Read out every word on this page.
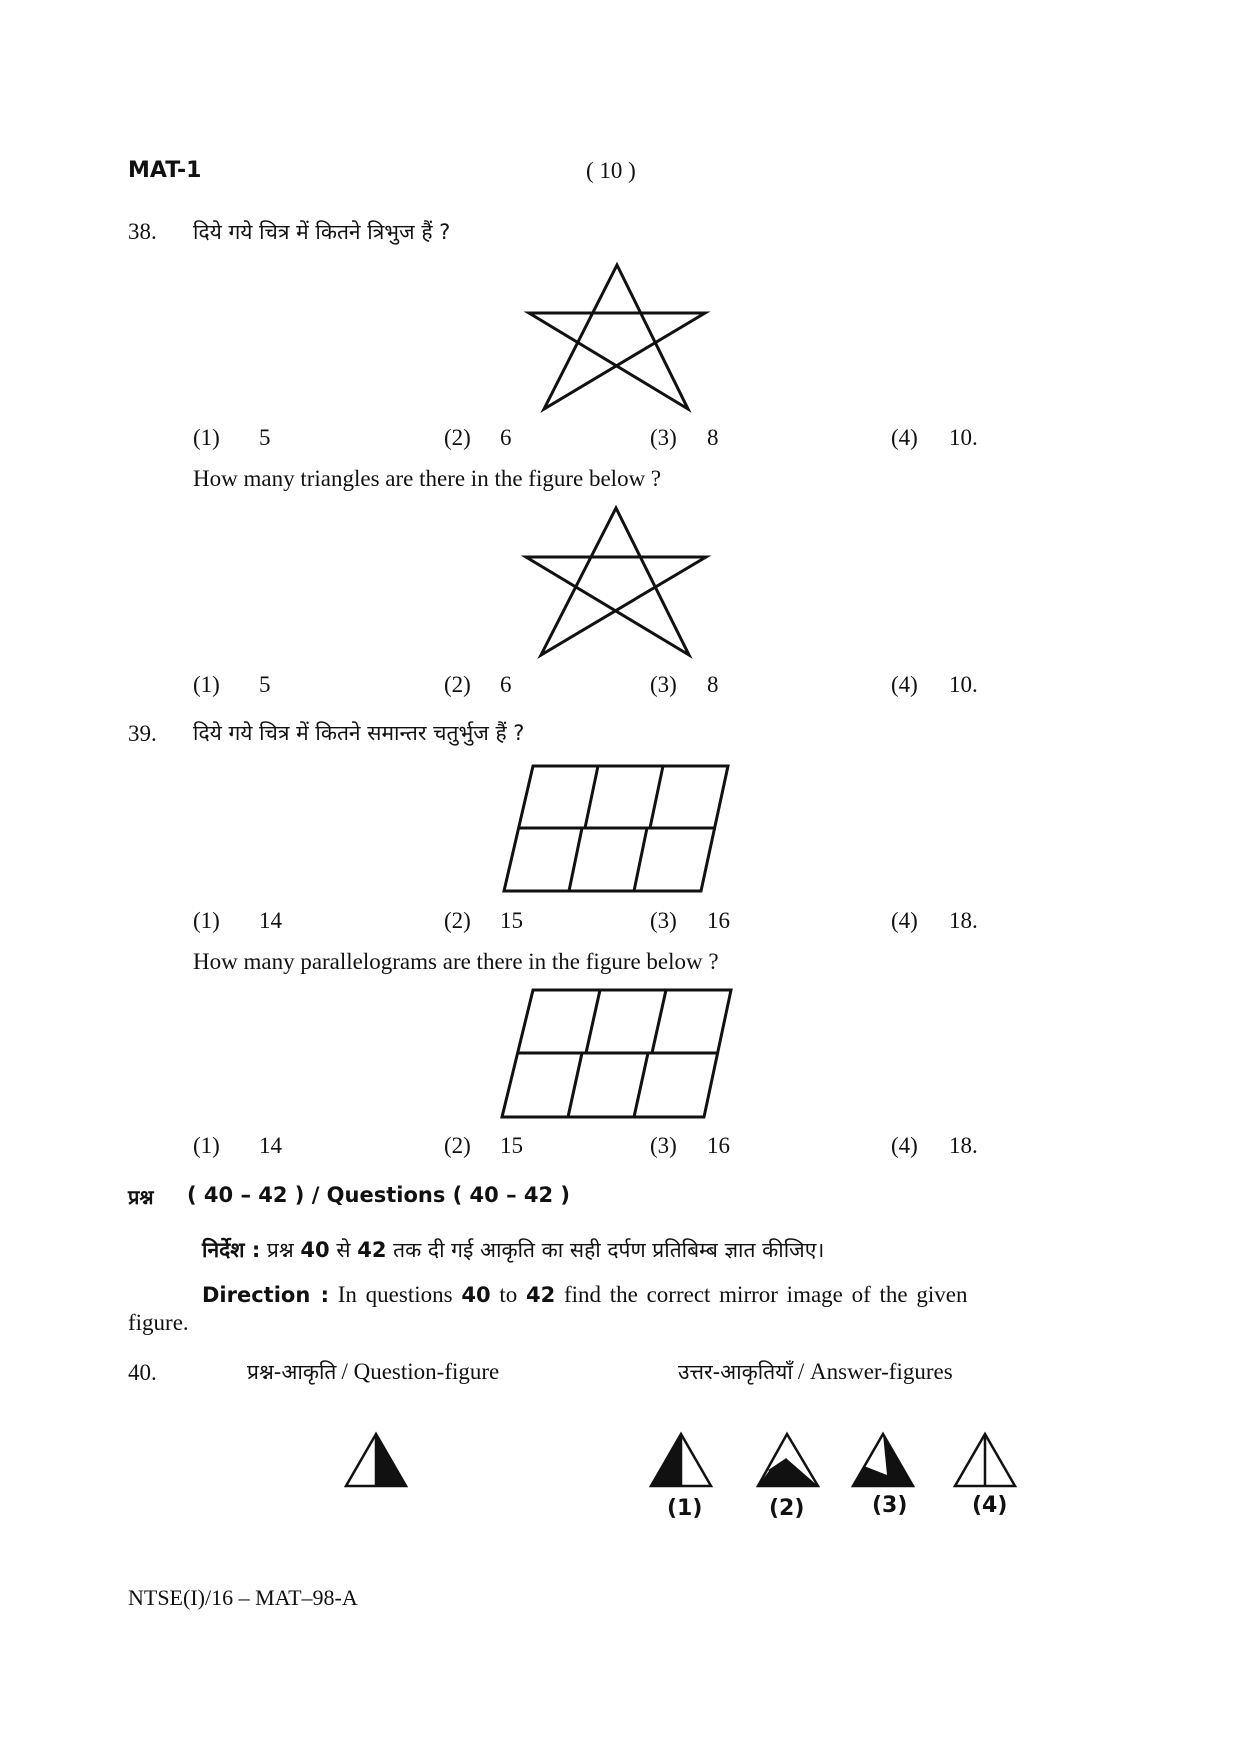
MAT-1	( 10 )
38. दिये गये चित्र में कितने त्रिभुज हैं ?
(1) 5	(2) 6	(3) 8	(4) 10.
How many triangles are there in the figure below ?
(1) 5	(2) 6	(3) 8	(4) 10.
39. दिये गये चित्र में कितने समान्तर चतुर्भुज हैं ?
(1) 14	(2) 15	(3) 16	(4) 18.
How many parallelograms are there in the figure below ?
(1) 14	(2) 15	(3) 16	(4) 18.
प्रश्न ( 40 – 42 ) / Questions ( 40 – 42 )
निर्देश : प्रश्न 40 से 42 तक दी गई आकृति का सही दर्पण प्रतिबिम्ब ज्ञात कीजिए।
Direction : In questions 40 to 42 find the correct mirror image of the given
figure.
40.	प्रश्न-आकृति / Question-figure	उत्तर-आकृतियाँ / Answer-figures
(1)	(2)	(3)	(4)
NTSE(I)/16 – MAT–98-A
